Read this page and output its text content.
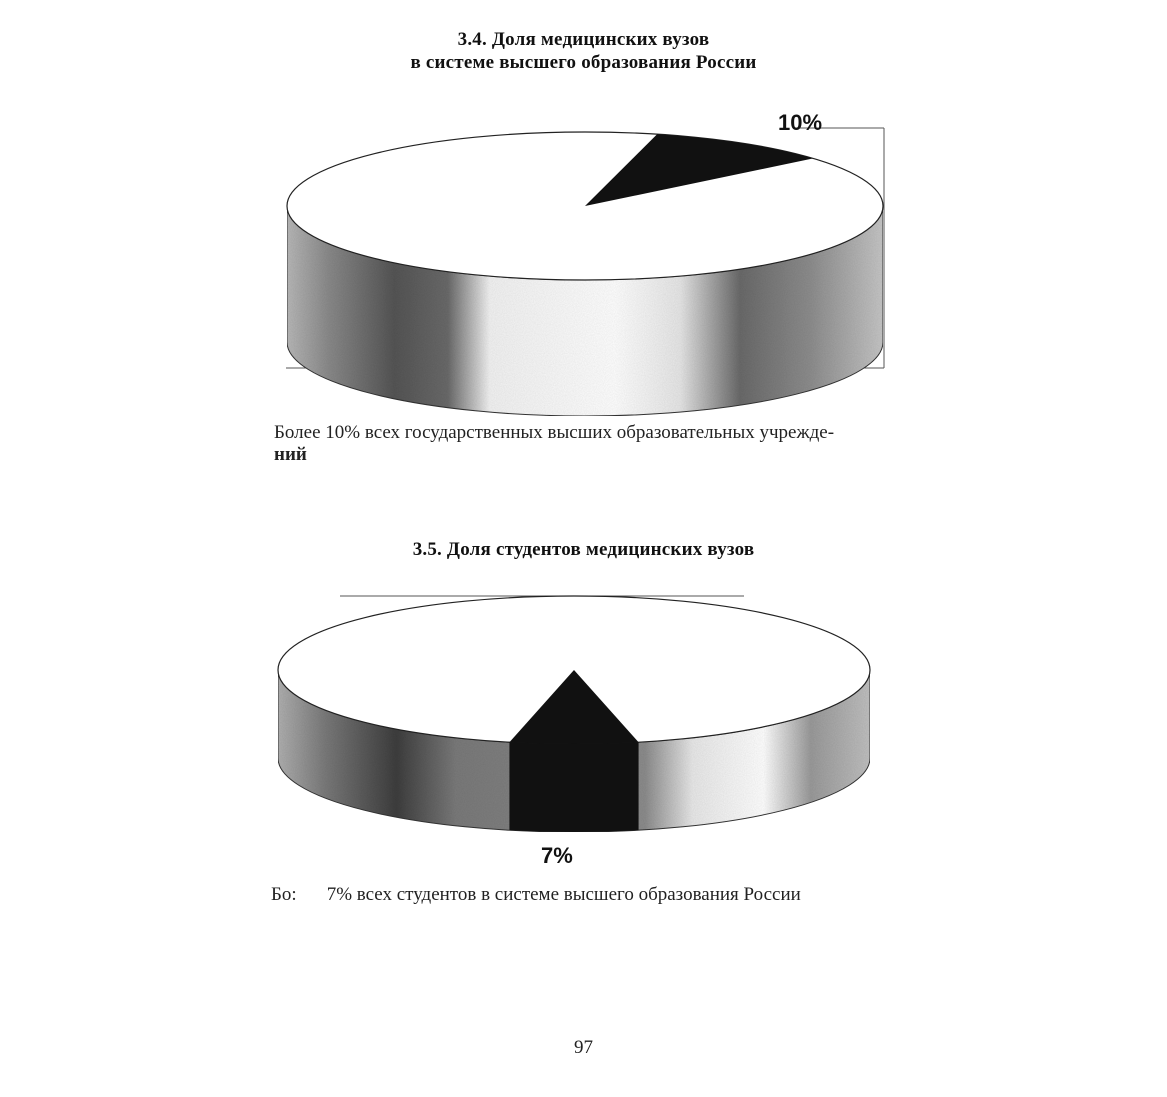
3.4. Доля медицинских вузов
в системе высшего образования России
10%
7%
Более 10% всех государственных высших образовательных учрежде-
ний
3.5. Доля студентов медицинских вузов
Бо: 7% всех студентов в системе высшего образования России
97
